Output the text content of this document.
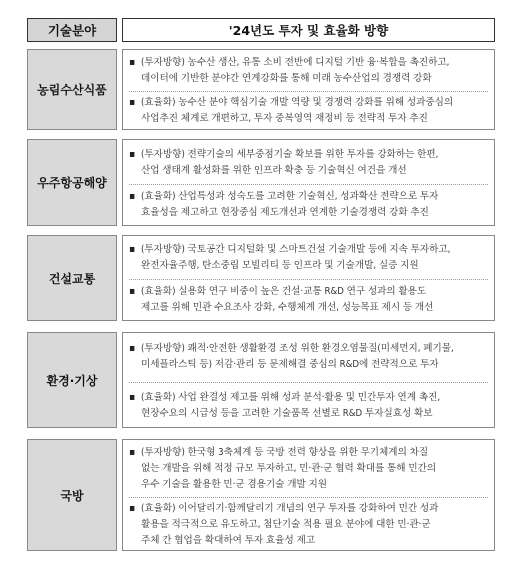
기술분야	'24년도 투자 및 효율화 방향
농림수산식품
▪ (투자방향) 농수산 생산, 유통 소비 전반에 디지털 기반 융·복합을 촉진하고,
데이터에 기반한 분야간 연계강화를 통해 미래 농수산업의 경쟁력 강화
▪ (효율화) 농수산 분야 핵심기술 개발 역량 및 경쟁력 강화를 위해 성과중심의
사업추진 체계로 개편하고, 투자 중복영역 재정비 등 전략적 투자 추진
우주항공해양
▪ (투자방향) 전략기술의 세부중점기술 확보를 위한 투자를 강화하는 한편,
산업 생태계 활성화를 위한 인프라 확충 등 기술혁신 여건을 개선
▪ (효율화) 산업특성과 성숙도를 고려한 기술혁신, 성과확산 전략으로 투자
효율성을 제고하고 현장중심 제도개선과 연계한 기술경쟁력 강화 추진
건설교통
▪ (투자방향) 국토공간 디지털화 및 스마트건설 기술개발 등에 지속 투자하고,
완전자율주행, 탄소중립 모빌리티 등 인프라 및 기술개발, 실증 지원
▪ (효율화) 실용화 연구 비중이 높은 건설·교통 R&D 연구 성과의 활용도
제고를 위해 민관 수요조사 강화, 수행체계 개선, 성능목표 제시 등 개선
환경·기상
▪ (투자방향) 쾌적·안전한 생활환경 조성 위한 환경오염물질(미세먼지, 폐기물,
미세플라스틱 등) 저감·관리 등 문제해결 중심의 R&D에 전략적으로 투자
▪ (효율화) 사업 완결성 제고를 위해 성과 분석·활용 및 민간투자 연계 촉진,
현장수요의 시급성 등을 고려한 기술품목 선별로 R&D 투자실효성 확보
국방
▪ (투자방향) 한국형 3축체계 등 국방 전력 향상을 위한 무기체계의 차질
없는 개발을 위해 적정 규모 투자하고, 민·관·군 협력 확대를 통해 민간의
우수 기술을 활용한 민·군 겸용기술 개발 지원
▪ (효율화) 이어달리기·함께달리기 개념의 연구 투자를 강화하여 민간 성과
활용을 적극적으로 유도하고, 첨단기술 적용 필요 분야에 대한 민·관·군
주체 간 협업을 확대하여 투자 효율성 제고
